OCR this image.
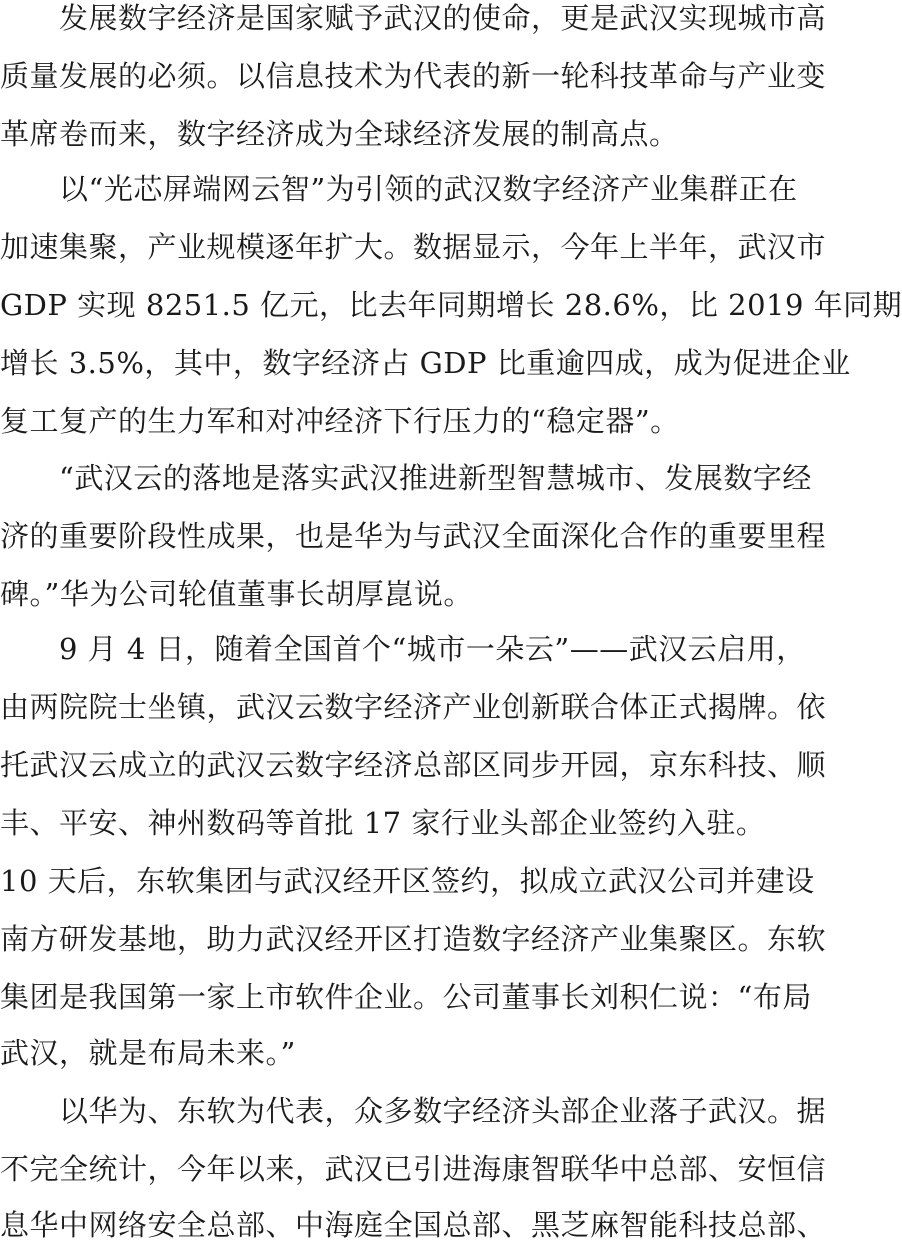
　　发展数字经济是国家赋予武汉的使命，更是武汉实现城市高
质量发展的必须。以信息技术为代表的新一轮科技革命与产业变
革席卷而来，数字经济成为全球经济发展的制高点。
　　以“光芯屏端网云智”为引领的武汉数字经济产业集群正在
加速集聚，产业规模逐年扩大。数据显示，今年上半年，武汉市
GDP 实现 8251.5 亿元，比去年同期增长 28.6%，比 2019 年同期
增长 3.5%，其中，数字经济占 GDP 比重逾四成，成为促进企业
复工复产的生力军和对冲经济下行压力的“稳定器”。
　　“武汉云的落地是落实武汉推进新型智慧城市、发展数字经
济的重要阶段性成果，也是华为与武汉全面深化合作的重要里程
碑。”华为公司轮值董事长胡厚崑说。
　　9 月 4 日，随着全国首个“城市一朵云”——武汉云启用，
由两院院士坐镇，武汉云数字经济产业创新联合体正式揭牌。依
托武汉云成立的武汉云数字经济总部区同步开园，京东科技、顺
丰、平安、神州数码等首批 17 家行业头部企业签约入驻。
10 天后，东软集团与武汉经开区签约，拟成立武汉公司并建设
南方研发基地，助力武汉经开区打造数字经济产业集聚区。东软
集团是我国第一家上市软件企业。公司董事长刘积仁说：“布局
武汉，就是布局未来。”
　　以华为、东软为代表，众多数字经济头部企业落子武汉。据
不完全统计，今年以来，武汉已引进海康智联华中总部、安恒信
息华中网络安全总部、中海庭全国总部、黑芝麻智能科技总部、
